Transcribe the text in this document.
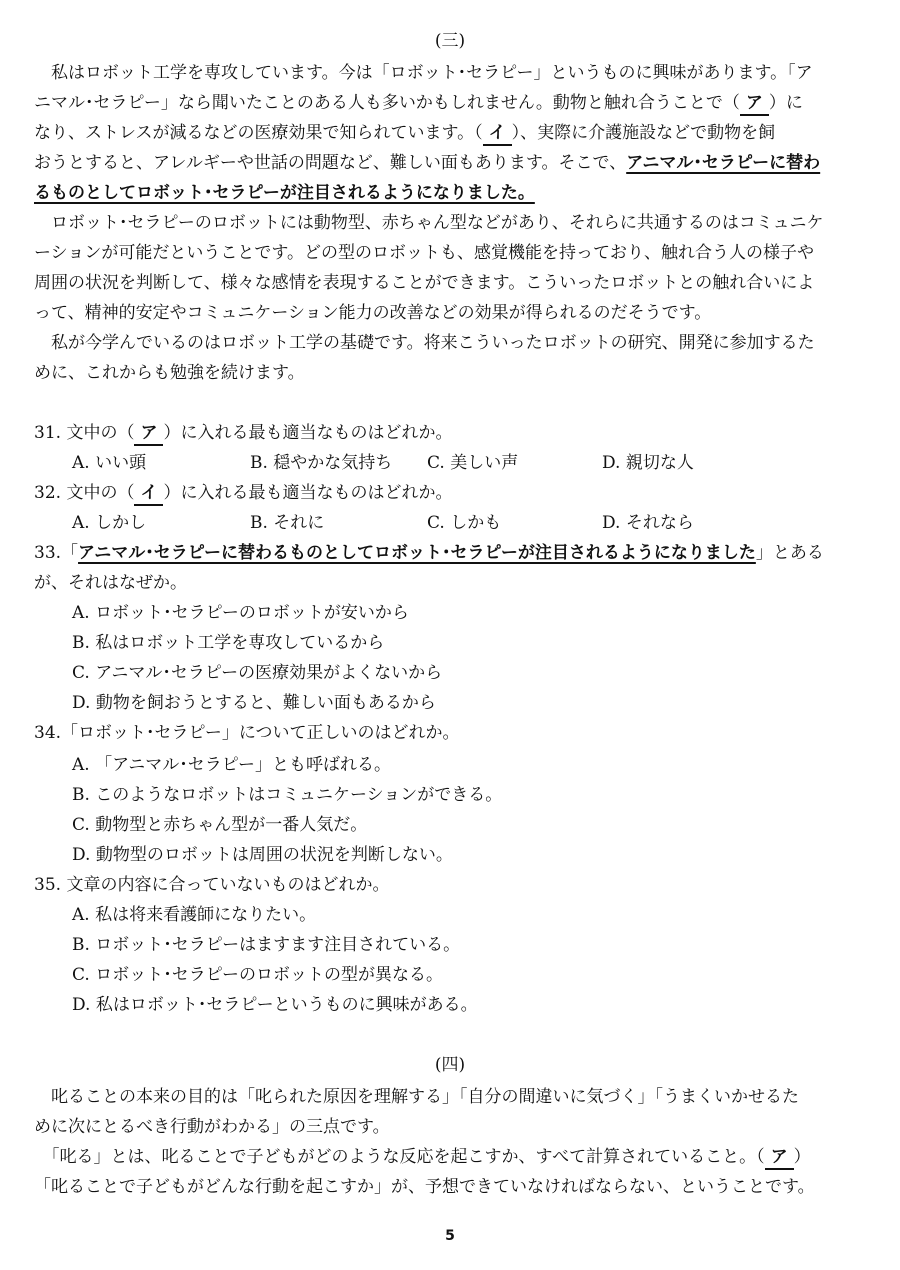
(三)
　私はロボット工学を専攻しています。今は「ロボット･セラピー」というものに興味があります。「ア
ニマル･セラピー」なら聞いたことのある人も多いかもしれません。動物と触れ合うことで（ ア ）に
なり、ストレスが減るなどの医療効果で知られています。（ イ ）、実際に介護施設などで動物を飼
おうとすると、アレルギーや世話の問題など、難しい面もあります。そこで、アニマル･セラピーに替わ
るものとしてロボット･セラピーが注目されるようになりました。
　ロボット･セラピーのロボットには動物型、赤ちゃん型などがあり、それらに共通するのはコミュニケ
ーションが可能だということです。どの型のロボットも、感覚機能を持っており、触れ合う人の様子や
周囲の状況を判断して、様々な感情を表現することができます。こういったロボットとの触れ合いによ
って、精神的安定やコミュニケーション能力の改善などの効果が得られるのだそうです。
　私が今学んでいるのはロボット工学の基礎です。将来こういったロボットの研究、開発に参加するた
めに、これからも勉強を続けます。
31. 文中の（ ア ）に入れる最も適当なものはどれか。
A. いい頭	B. 穏やかな気持ち C. 美しい声	D. 親切な人
32. 文中の（ イ ）に入れる最も適当なものはどれか。
A. しかし	B. それに	C. しかも	D. それなら
33.「アニマル･セラピーに替わるものとしてロボット･セラピーが注目されるようになりました」とある
が、それはなぜか。
A. ロボット･セラピーのロボットが安いから
B. 私はロボット工学を専攻しているから
C. アニマル･セラピーの医療効果がよくないから
D. 動物を飼おうとすると、難しい面もあるから
34.「ロボット･セラピー」について正しいのはどれか。
A. 「アニマル･セラピー」とも呼ばれる。
B. このようなロボットはコミュニケーションができる。
C. 動物型と赤ちゃん型が一番人気だ。
D. 動物型のロボットは周囲の状況を判断しない。
35. 文章の内容に合っていないものはどれか。
A. 私は将来看護師になりたい。
B. ロボット･セラピーはますます注目されている。
C. ロボット･セラピーのロボットの型が異なる。
D. 私はロボット･セラピーというものに興味がある。
(四)
　叱ることの本来の目的は「叱られた原因を理解する」「自分の間違いに気づく」「うまくいかせるた
めに次にとるべき行動がわかる」の三点です。
　「叱る」とは、叱ることで子どもがどのような反応を起こすか、すべて計算されていること。（ ア ）
「叱ることで子どもがどんな行動を起こすか」が、予想できていなければならない、ということです。
5
